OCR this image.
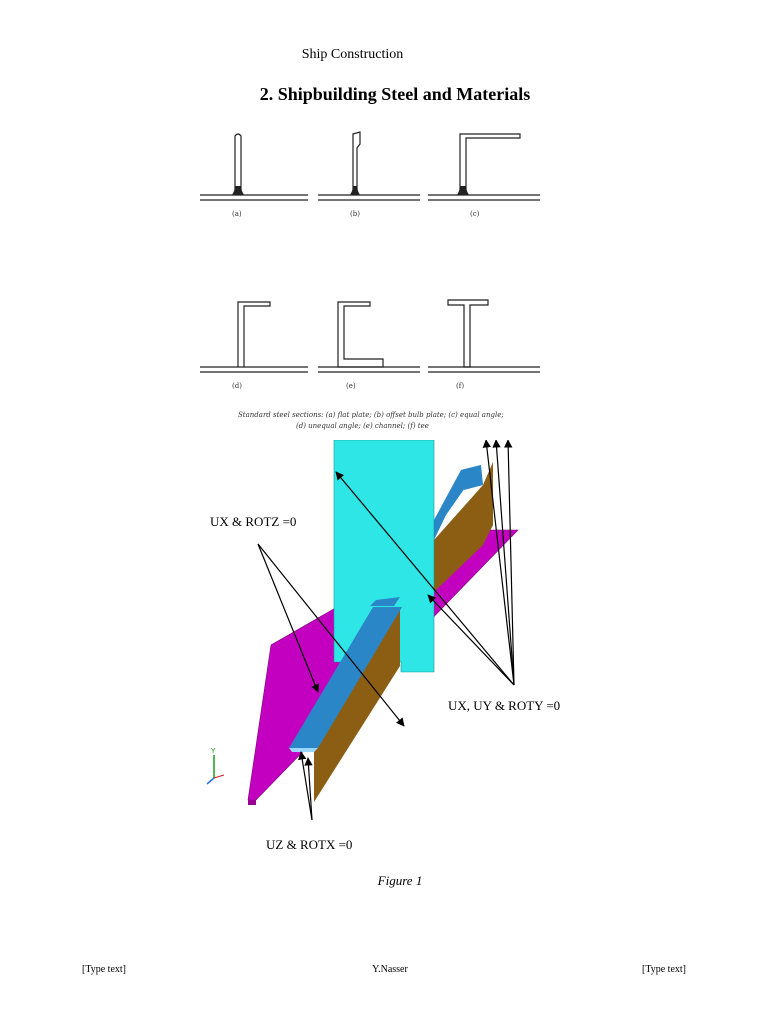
Ship Construction
2. Shipbuilding Steel and Materials
(a)	(b)	(c)
(d)	(e)	(f)
Standard steel sections: (a) flat plate; (b) offset bulb plate; (c) equal angle;
(d) unequal angle; (e) channel; (f) tee
Y
UX & ROTZ =0
UX, UY & ROTY =0
UZ & ROTX =0
Figure 1
[Type text]	Y.Nasser	[Type text]
